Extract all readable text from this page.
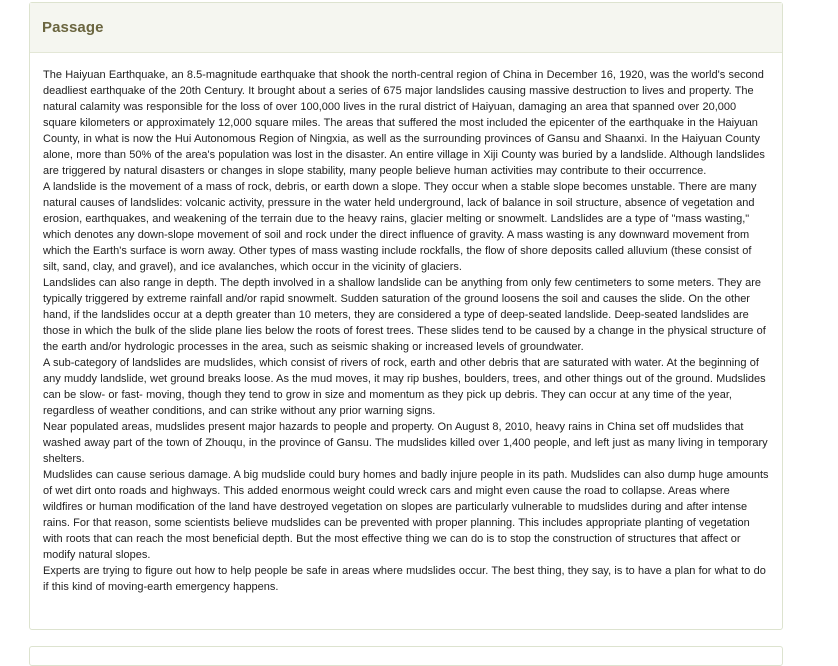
Passage

The Haiyuan Earthquake, an 8.5-magnitude earthquake that shook the north-central region of China in December 16, 1920, was the world's second deadliest earthquake of the 20th Century. It brought about a series of 675 major landslides causing massive destruction to lives and property. The natural calamity was responsible for the loss of over 100,000 lives in the rural district of Haiyuan, damaging an area that spanned over 20,000 square kilometers or approximately 12,000 square miles. The areas that suffered the most included the epicenter of the earthquake in the Haiyuan County, in what is now the Hui Autonomous Region of Ningxia, as well as the surrounding provinces of Gansu and Shaanxi. In the Haiyuan County alone, more than 50% of the area's population was lost in the disaster. An entire village in Xiji County was buried by a landslide. Although landslides are triggered by natural disasters or changes in slope stability, many people believe human activities may contribute to their occurrence.

A landslide is the movement of a mass of rock, debris, or earth down a slope. They occur when a stable slope becomes unstable. There are many natural causes of landslides: volcanic activity, pressure in the water held underground, lack of balance in soil structure, absence of vegetation and erosion, earthquakes, and weakening of the terrain due to the heavy rains, glacier melting or snowmelt. Landslides are a type of "mass wasting," which denotes any down-slope movement of soil and rock under the direct influence of gravity. A mass wasting is any downward movement from which the Earth's surface is worn away. Other types of mass wasting include rockfalls, the flow of shore deposits called alluvium (these consist of silt, sand, clay, and gravel), and ice avalanches, which occur in the vicinity of glaciers.

Landslides can also range in depth. The depth involved in a shallow landslide can be anything from only few centimeters to some meters. They are typically triggered by extreme rainfall and/or rapid snowmelt. Sudden saturation of the ground loosens the soil and causes the slide. On the other hand, if the landslides occur at a depth greater than 10 meters, they are considered a type of deep-seated landslide. Deep-seated landslides are those in which the bulk of the slide plane lies below the roots of forest trees. These slides tend to be caused by a change in the physical structure of the earth and/or hydrologic processes in the area, such as seismic shaking or increased levels of groundwater.

A sub-category of landslides are mudslides, which consist of rivers of rock, earth and other debris that are saturated with water. At the beginning of any muddy landslide, wet ground breaks loose. As the mud moves, it may rip bushes, boulders, trees, and other things out of the ground. Mudslides can be slow- or fast- moving, though they tend to grow in size and momentum as they pick up debris. They can occur at any time of the year, regardless of weather conditions, and can strike without any prior warning signs.

Near populated areas, mudslides present major hazards to people and property. On August 8, 2010, heavy rains in China set off mudslides that washed away part of the town of Zhouqu, in the province of Gansu. The mudslides killed over 1,400 people, and left just as many living in temporary shelters.

Mudslides can cause serious damage. A big mudslide could bury homes and badly injure people in its path. Mudslides can also dump huge amounts of wet dirt onto roads and highways. This added enormous weight could wreck cars and might even cause the road to collapse. Areas where wildfires or human modification of the land have destroyed vegetation on slopes are particularly vulnerable to mudslides during and after intense rains. For that reason, some scientists believe mudslides can be prevented with proper planning. This includes appropriate planting of vegetation with roots that can reach the most beneficial depth. But the most effective thing we can do is to stop the construction of structures that affect or modify natural slopes.

Experts are trying to figure out how to help people be safe in areas where mudslides occur. The best thing, they say, is to have a plan for what to do if this kind of moving-earth emergency happens.
